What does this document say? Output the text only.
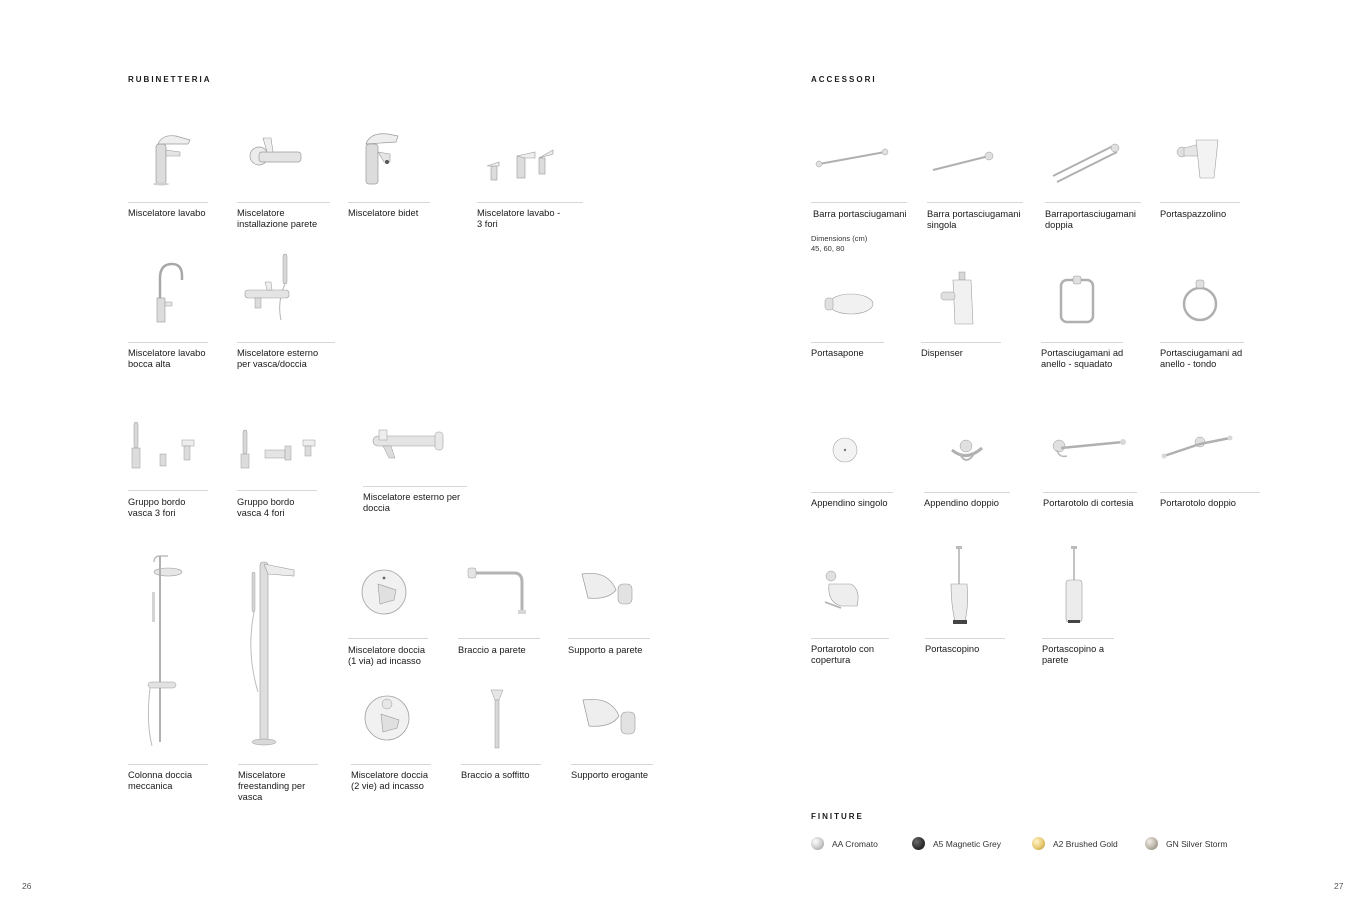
RUBINETTERIA
Miscelatore lavabo	Miscelatore
installazione parete
Miscelatore bidet	Miscelatore lavabo -
3 fori
Miscelatore lavabo
bocca alta
Miscelatore esterno
per vasca/doccia
Gruppo bordo
vasca 3 fori
Gruppo bordo
vasca 4 fori
Miscelatore esterno per
doccia
Colonna doccia
meccanica
Miscelatore
freestanding per
vasca
Miscelatore doccia
(1 via) ad incasso
Braccio a parete	Supporto a parete
Miscelatore doccia
(2 vie) ad incasso
Braccio a soffitto	Supporto erogante
ACCESSORI
Barra portasciugamani
Dimensions (cm)
45, 60, 80
Barra portasciugamani
singola
Barraportasciugamani
doppia
Portaspazzolino
Portasapone	Dispenser	Portasciugamani ad
anello - squadato
Portasciugamani ad
anello - tondo
Appendino singolo	Appendino doppio	Portarotolo di cortesia	Portarotolo doppio
Portarotolo con
copertura
Portascopino	Portascopino a
parete
FINITURE
AA Cromato	A5 Magnetic Grey	A2 Brushed Gold	GN Silver Storm
26	27
